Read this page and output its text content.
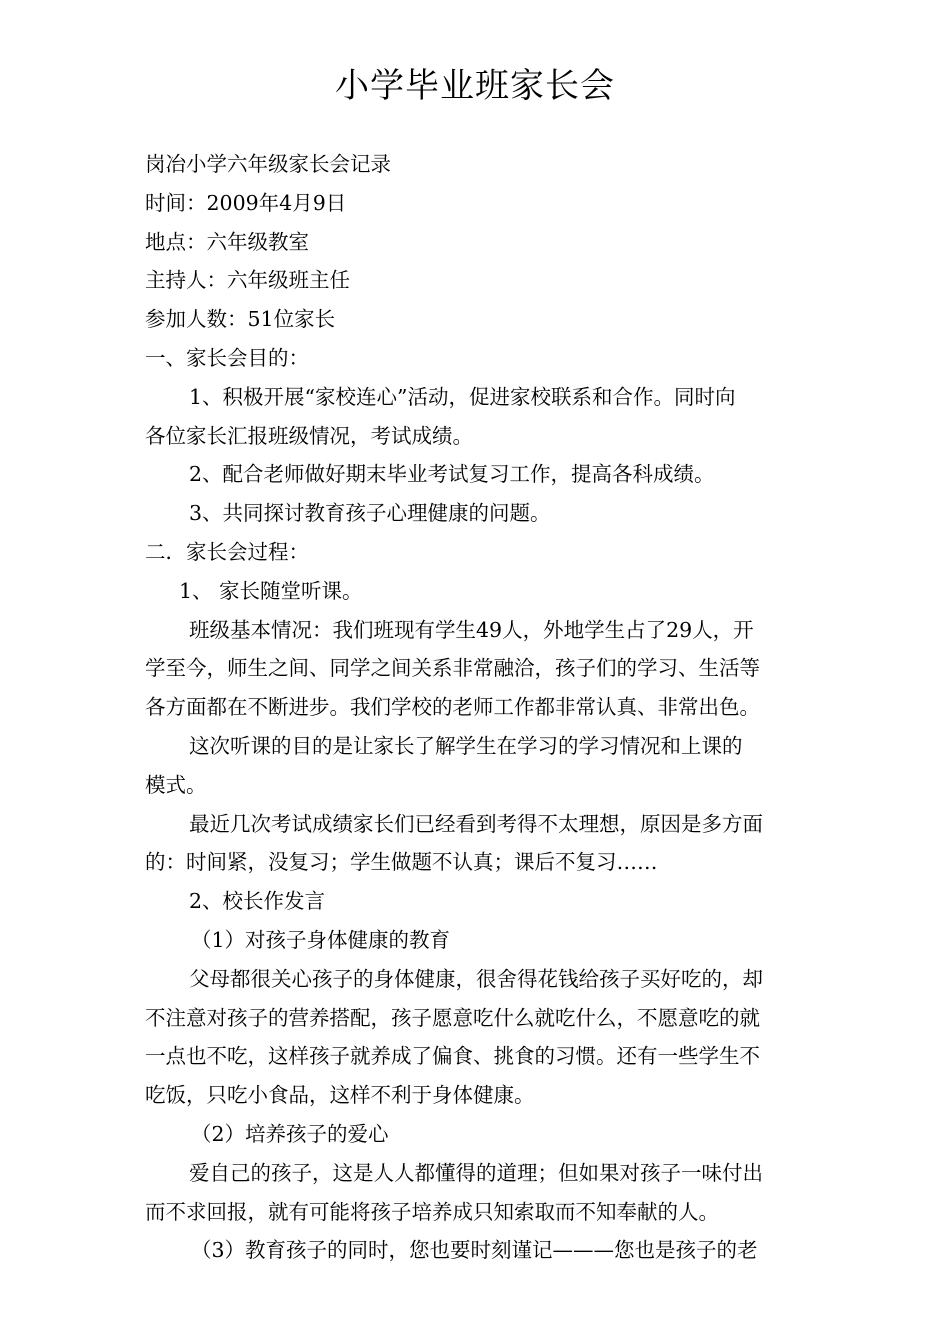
小学毕业班家长会
岗冶小学六年级家长会记录
时间：2009年4月9日
地点：六年级教室
主持人：六年级班主任
参加人数：51位家长
一、家长会目的：
1、积极开展“家校连心”活动，促进家校联系和合作。同时向
各位家长汇报班级情况，考试成绩。
2、配合老师做好期末毕业考试复习工作，提高各科成绩。
3、共同探讨教育孩子心理健康的问题。
二．家长会过程：
1、 家长随堂听课。
班级基本情况：我们班现有学生49人，外地学生占了29人，开
学至今，师生之间、同学之间关系非常融洽，孩子们的学习、生活等
各方面都在不断进步。我们学校的老师工作都非常认真、非常出色。
这次听课的目的是让家长了解学生在学习的学习情况和上课的
模式。
最近几次考试成绩家长们已经看到考得不太理想，原因是多方面
的：时间紧，没复习；学生做题不认真；课后不复习……
2、校长作发言
（1）对孩子身体健康的教育
父母都很关心孩子的身体健康，很舍得花钱给孩子买好吃的，却
不注意对孩子的营养搭配，孩子愿意吃什么就吃什么，不愿意吃的就
一点也不吃，这样孩子就养成了偏食、挑食的习惯。还有一些学生不
吃饭，只吃小食品，这样不利于身体健康。
（2）培养孩子的爱心
爱自己的孩子，这是人人都懂得的道理；但如果对孩子一味付出
而不求回报，就有可能将孩子培养成只知索取而不知奉献的人。
（3）教育孩子的同时，您也要时刻谨记———您也是孩子的老
